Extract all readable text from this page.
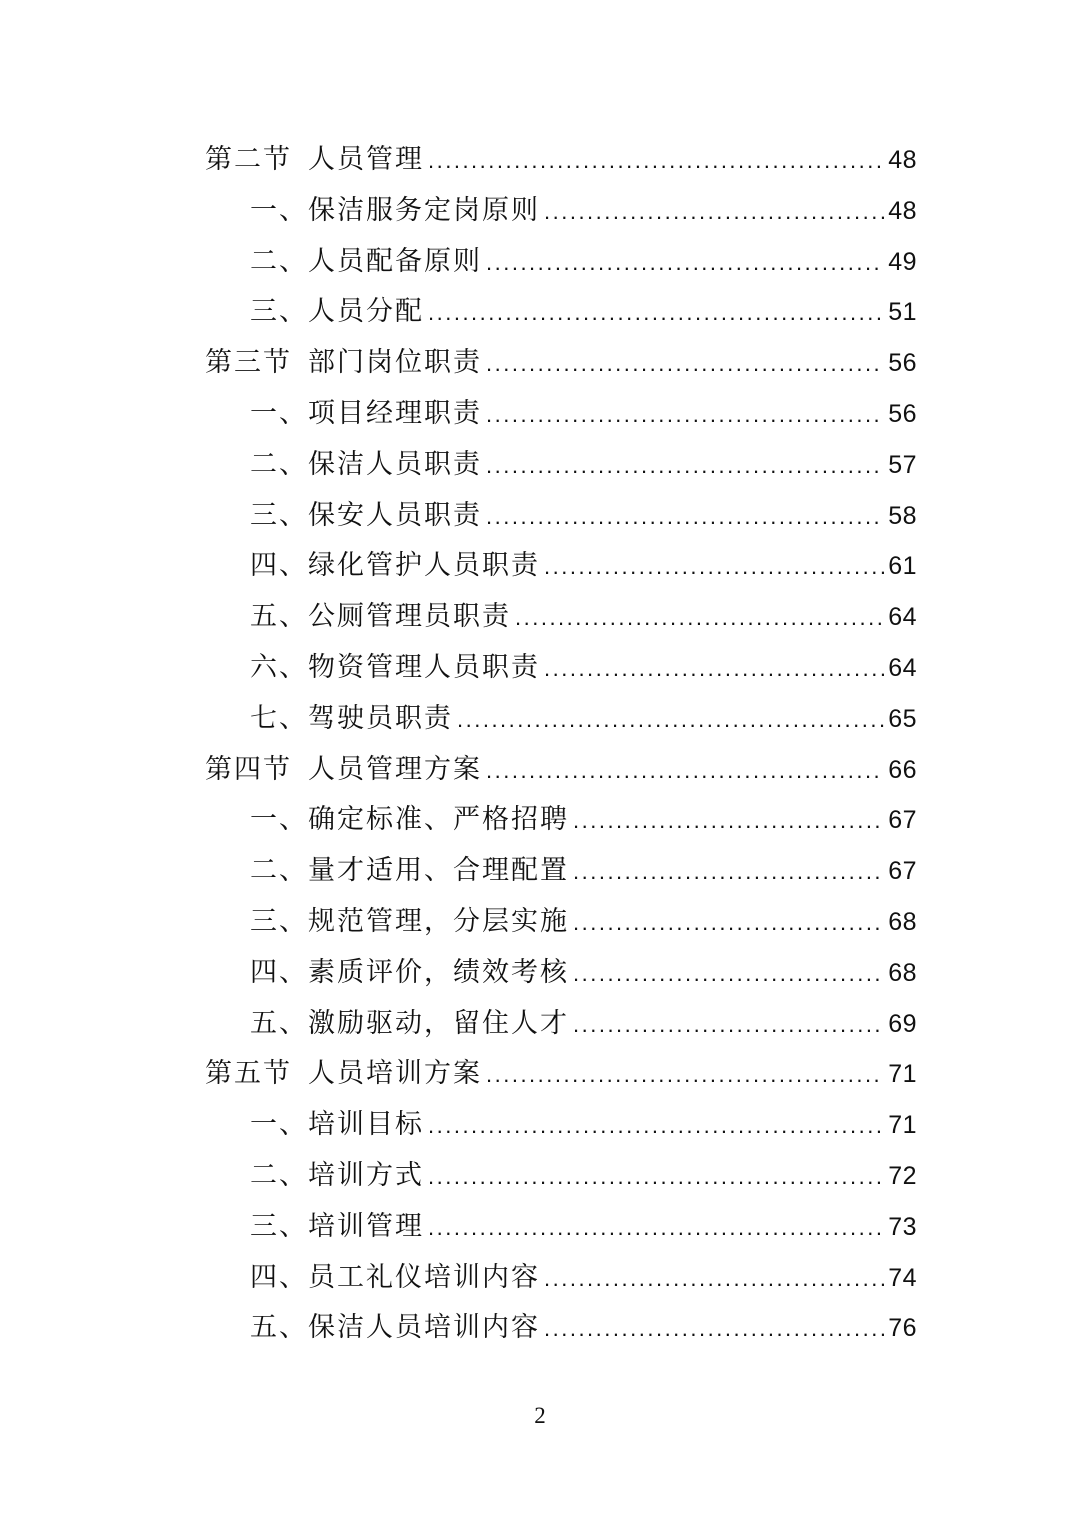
第二节 人员管理 .....	48
一、保洁服务定岗原则 .....	48
二、人员配备原则 .....	49
三、人员分配 .....	51
第三节 部门岗位职责 .....	56
一、项目经理职责 .....	56
二、保洁人员职责 .....	57
三、保安人员职责 .....	58
四、绿化管护人员职责 .....	61
五、公厕管理员职责 .....	64
六、物资管理人员职责 .....	64
七、驾驶员职责 .....	65
第四节 人员管理方案 .....	66
一、确定标准、严格招聘 .....	67
二、量才适用、合理配置 .....	67
三、规范管理，分层实施 .....	68
四、素质评价，绩效考核 .....	68
五、激励驱动，留住人才 .....	69
第五节 人员培训方案 .....	71
一、培训目标 .....	71
二、培训方式 .....	72
三、培训管理 .....	73
四、员工礼仪培训内容 .....	74
五、保洁人员培训内容 .....	76
2
